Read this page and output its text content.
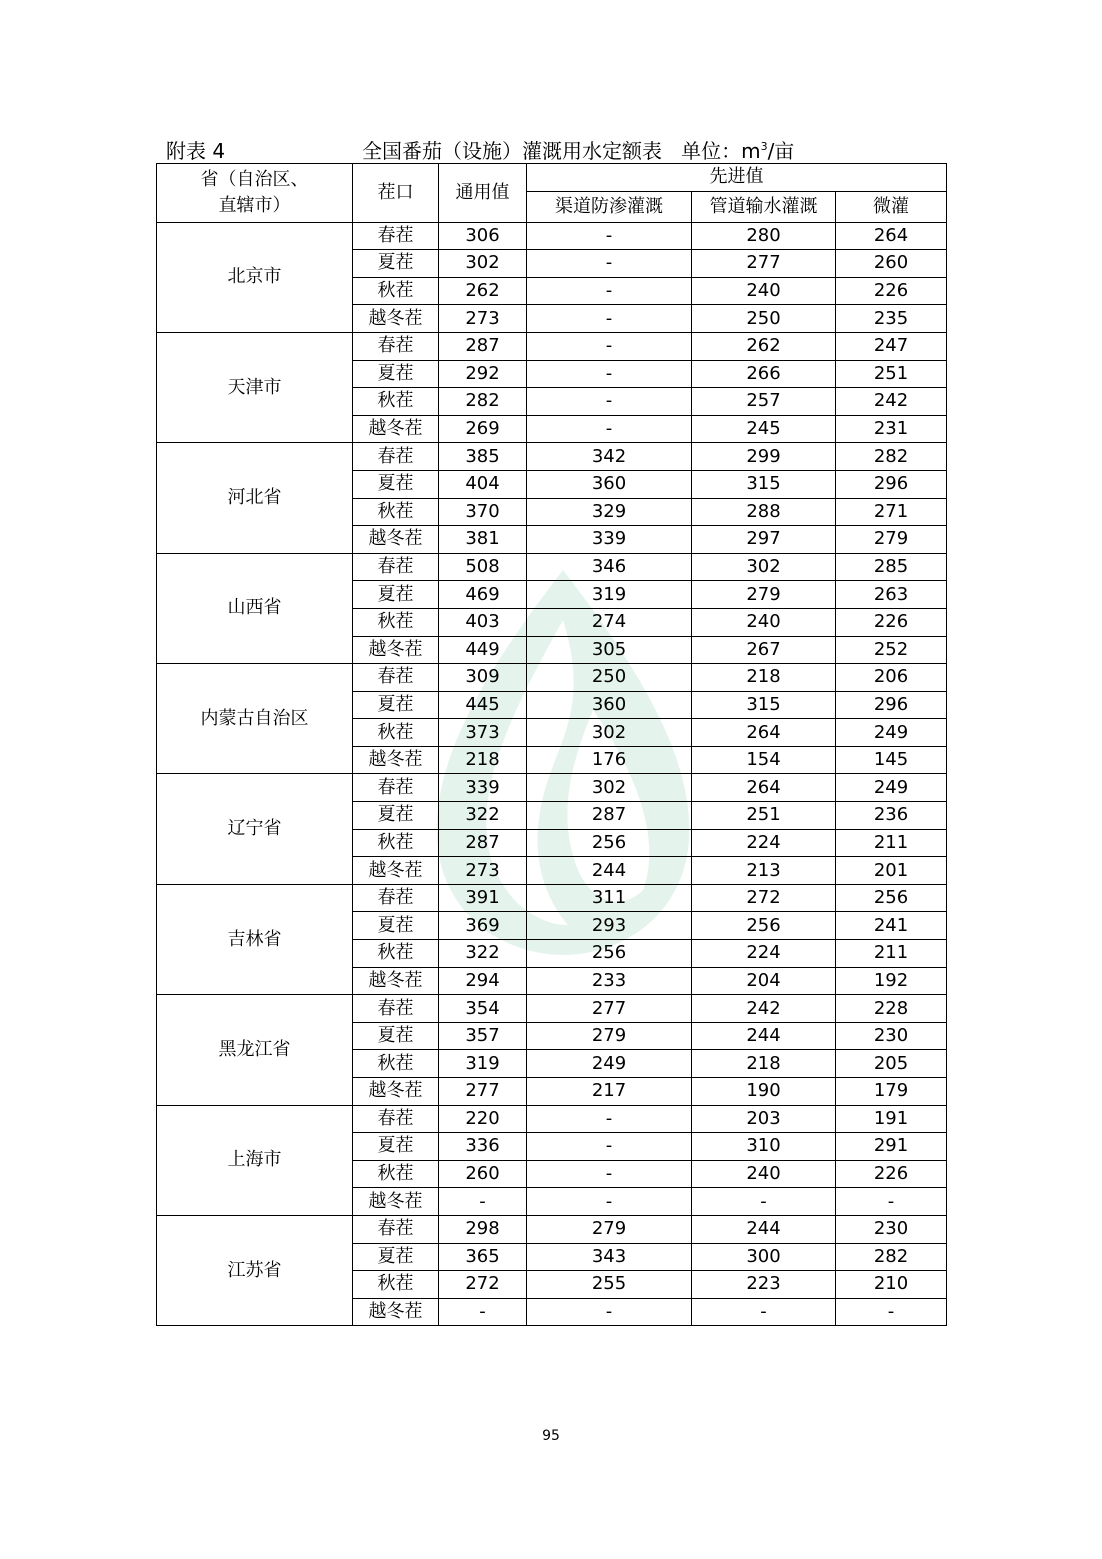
附表 4	全国番茄（设施）灌溉用水定额表 单位：$m^3/$亩
省（自治区、
直辖市）	茬口	通用值	先进值		
			渠道防渗灌溉	管道输水灌溉	微灌
北京市	春茬	306	-	280	264
	夏茬	302	-	277	260
	秋茬	262	-	240	226
	越冬茬	273	-	250	235
天津市	春茬	287	-	262	247
	夏茬	292	-	266	251
	秋茬	282	-	257	242
	越冬茬	269	-	245	231
河北省	春茬	385	342	299	282
	夏茬	404	360	315	296
	秋茬	370	329	288	271
	越冬茬	381	339	297	279
山西省	春茬	508	346	302	285
	夏茬	469	319	279	263
	秋茬	403	274	240	226
	越冬茬	449	305	267	252
内蒙古自治区	春茬	309	250	218	206
	夏茬	445	360	315	296
	秋茬	373	302	264	249
	越冬茬	218	176	154	145
辽宁省	春茬	339	302	264	249
	夏茬	322	287	251	236
	秋茬	287	256	224	211
	越冬茬	273	244	213	201
吉林省	春茬	391	311	272	256
	夏茬	369	293	256	241
	秋茬	322	256	224	211
	越冬茬	294	233	204	192
黑龙江省	春茬	354	277	242	228
	夏茬	357	279	244	230
	秋茬	319	249	218	205
	越冬茬	277	217	190	179
上海市	春茬	220	-	203	191
	夏茬	336	-	310	291
	秋茬	260	-	240	226
	越冬茬	-	-	-	-
江苏省	春茬	298	279	244	230
	夏茬	365	343	300	282
	秋茬	272	255	223	210
	越冬茬	-	-	-	-
95
